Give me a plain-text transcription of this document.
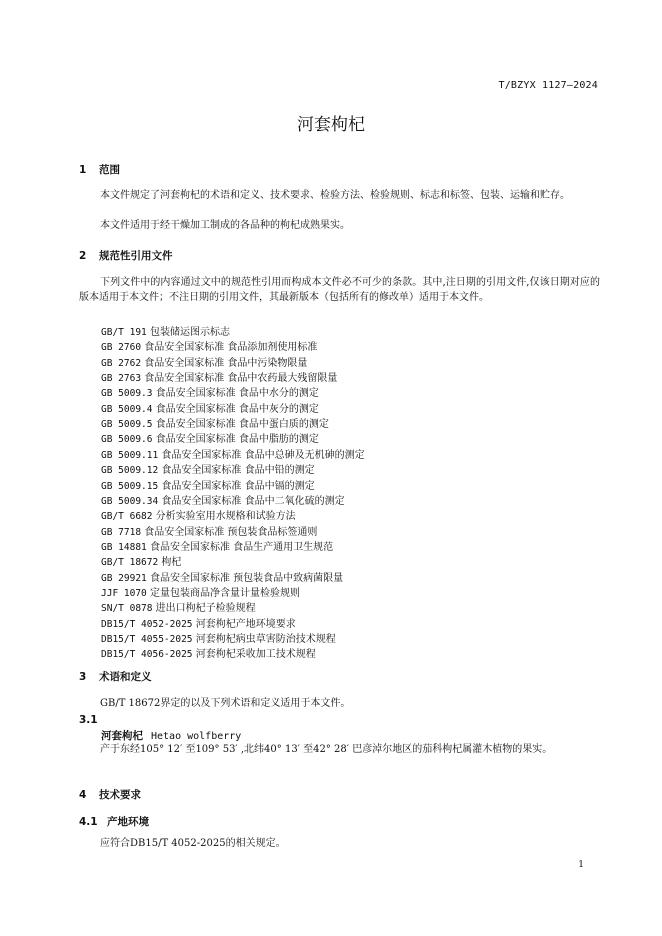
T/BZYX 1127—2024
河套枸杞
1 范围
本文件规定了河套枸杞的术语和定义、技术要求、检验方法、检验规则、标志和标签、包装、运输和贮存。
本文件适用于经干燥加工制成的各品种的枸杞成熟果实。
2 规范性引用文件
下列文件中的内容通过文中的规范性引用而构成本文件必不可少的条款。其中,注日期的引用文件,仅该日期对应的版本适用于本文件；不注日期的引用文件，其最新版本（包括所有的修改单）适用于本文件。
GB/T 191 包装储运图示标志
GB 2760 食品安全国家标准 食品添加剂使用标准
GB 2762 食品安全国家标准 食品中污染物限量
GB 2763 食品安全国家标准 食品中农药最大残留限量
GB 5009.3 食品安全国家标准 食品中水分的测定
GB 5009.4 食品安全国家标准 食品中灰分的测定
GB 5009.5 食品安全国家标准 食品中蛋白质的测定
GB 5009.6 食品安全国家标准 食品中脂肪的测定
GB 5009.11 食品安全国家标准 食品中总砷及无机砷的测定
GB 5009.12 食品安全国家标准 食品中铅的测定
GB 5009.15 食品安全国家标准 食品中镉的测定
GB 5009.34 食品安全国家标准 食品中二氧化硫的测定
GB/T 6682 分析实验室用水规格和试验方法
GB 7718 食品安全国家标准 预包装食品标签通则
GB 14881 食品安全国家标准 食品生产通用卫生规范
GB/T 18672 枸杞
GB 29921 食品安全国家标准 预包装食品中致病菌限量
JJF 1070 定量包装商品净含量计量检验规则
SN/T 0878 进出口枸杞子检验规程
DB15/T 4052-2025 河套枸杞产地环境要求
DB15/T 4055-2025 河套枸杞病虫草害防治技术规程
DB15/T 4056-2025 河套枸杞采收加工技术规程
3 术语和定义
GB/T 18672界定的以及下列术语和定义适用于本文件。
3.1
河套枸杞 Hetao wolfberry
产于东经105° 12′ 至109° 53′ ,北纬40° 13′ 至42° 28′ 巴彦淖尔地区的茄科枸杞属灌木植物的果实。
4 技术要求
4.1 产地环境
应符合DB15/T 4052-2025的相关规定。
1
